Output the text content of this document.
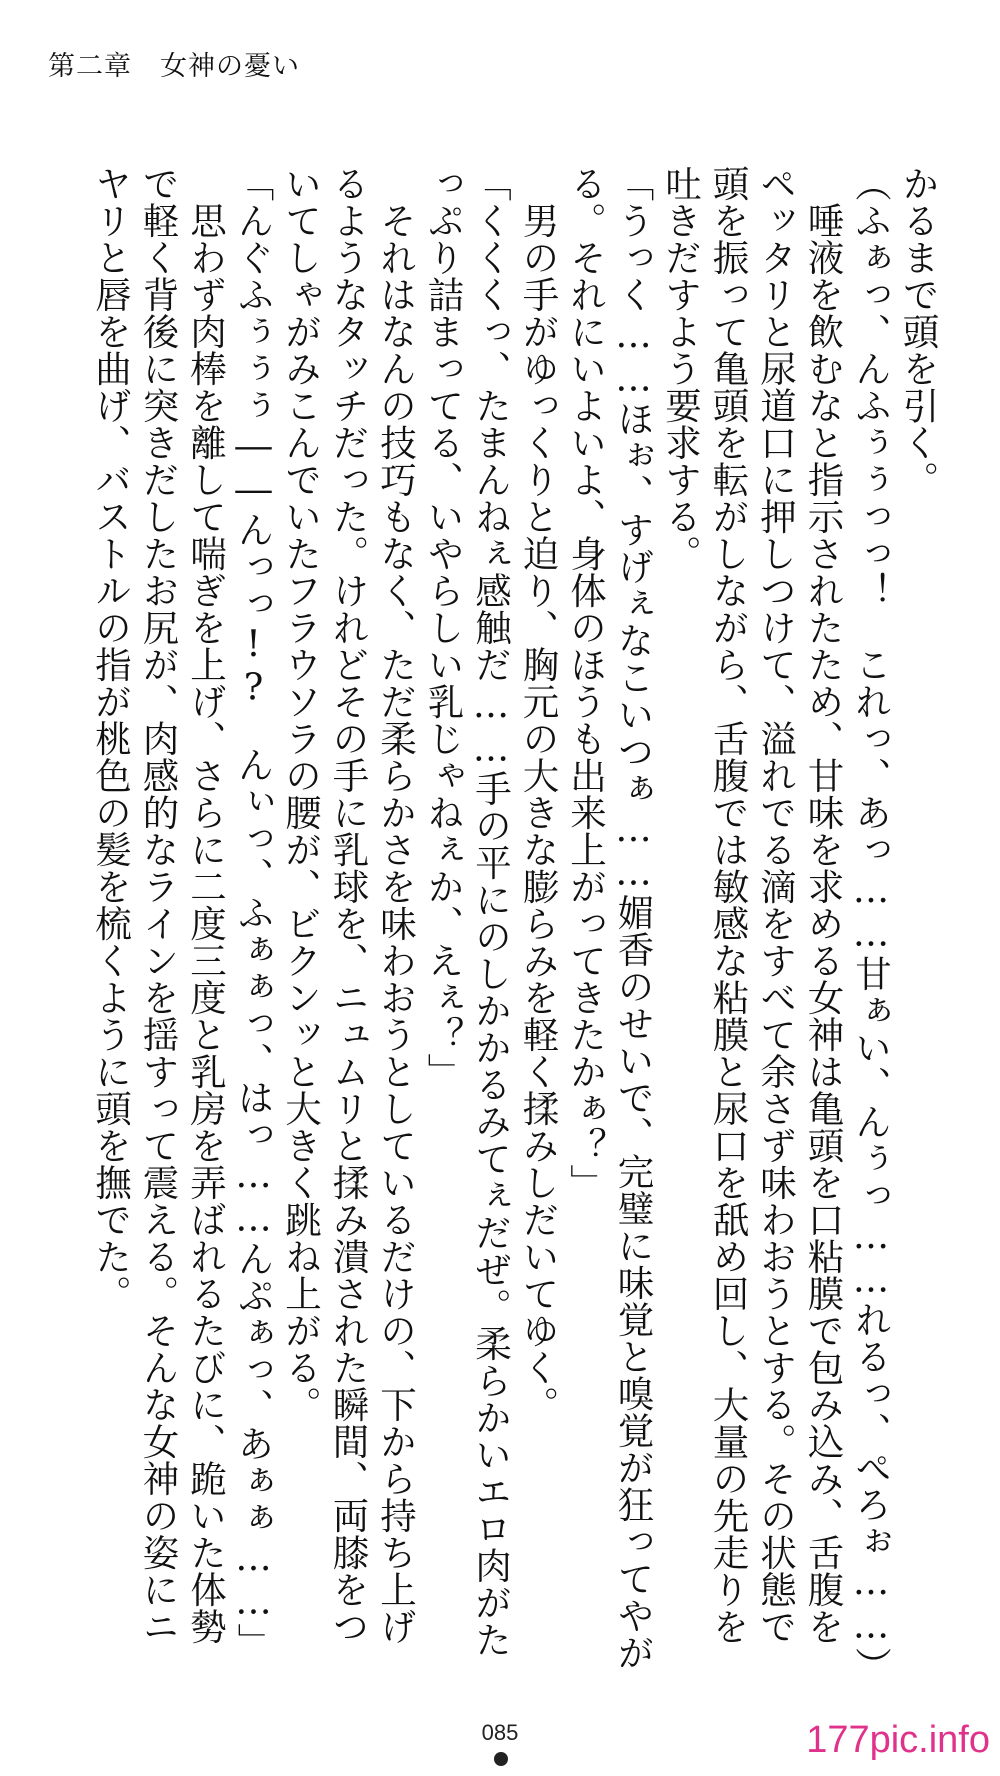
第二章　女神の憂い
かるまで頭を引く。
（ふぁっ、んふぅぅっっ！　これっ、あっ……甘ぁい、んぅっ……れるっ、ぺろぉ……）
　唾液を飲むなと指示されたため、甘味を求める女神は亀頭を口粘膜で包み込み、舌腹を
ペッタリと尿道口に押しつけて、溢れでる滴をすべて余さず味わおうとする。その状態で
頭を振って亀頭を転がしながら、舌腹では敏感な粘膜と尿口を舐め回し、大量の先走りを
吐きだすよう要求する。
「うっく……ほぉ、すげぇなこいつぁ……媚香のせいで、完璧に味覚と嗅覚が狂ってやが
る。それにいよいよ、身体のほうも出来上がってきたかぁ？」
　男の手がゆっくりと迫り、胸元の大きな膨らみを軽く揉みしだいてゆく。
「くくくっ、たまんねぇ感触だ……手の平にのしかかるみてぇだぜ。柔らかいエロ肉がた
っぷり詰まってる、いやらしい乳じゃねぇか、えぇ？」
　それはなんの技巧もなく、ただ柔らかさを味わおうとしているだけの、下から持ち上げ
るようなタッチだった。けれどその手に乳球を、ニュムリと揉み潰された瞬間、両膝をつ
いてしゃがみこんでいたフラウソラの腰が、ビクンッと大きく跳ね上がる。
「んぐふぅぅぅ――んっっ!?　んぃっ、ふぁぁっ、はっ……んぷぁっ、あぁぁ……」
　思わず肉棒を離して喘ぎを上げ、さらに二度三度と乳房を弄ばれるたびに、跪いた体勢
で軽く背後に突きだしたお尻が、肉感的なラインを揺すって震える。そんな女神の姿にニ
ヤリと唇を曲げ、バストルの指が桃色の髪を梳くように頭を撫でた。
085	177pic.info
